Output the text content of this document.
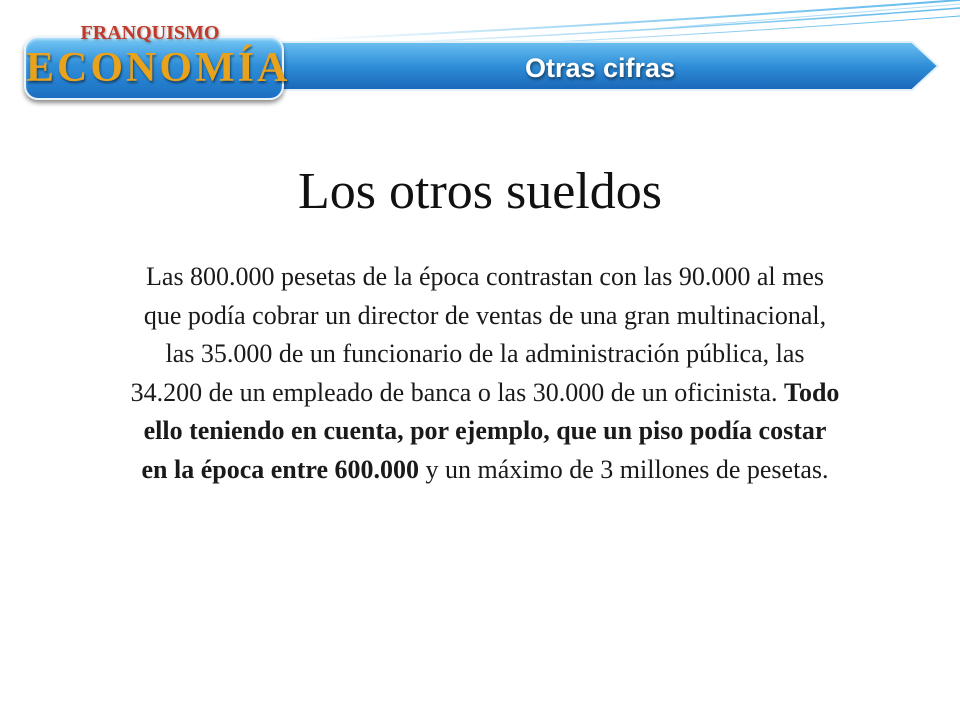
Otras cifras
ECONOMÍA
FRANQUISMO
Los otros sueldos
Las 800.000 pesetas de la época contrastan con las 90.000 al mes que podía cobrar un director de ventas de una gran multinacional, las 35.000 de un funcionario de la administración pública, las 34.200 de un empleado de banca o las 30.000 de un oficinista. Todo ello teniendo en cuenta, por ejemplo, que un piso podía costar en la época entre 600.000 y un máximo de 3 millones de pesetas.
